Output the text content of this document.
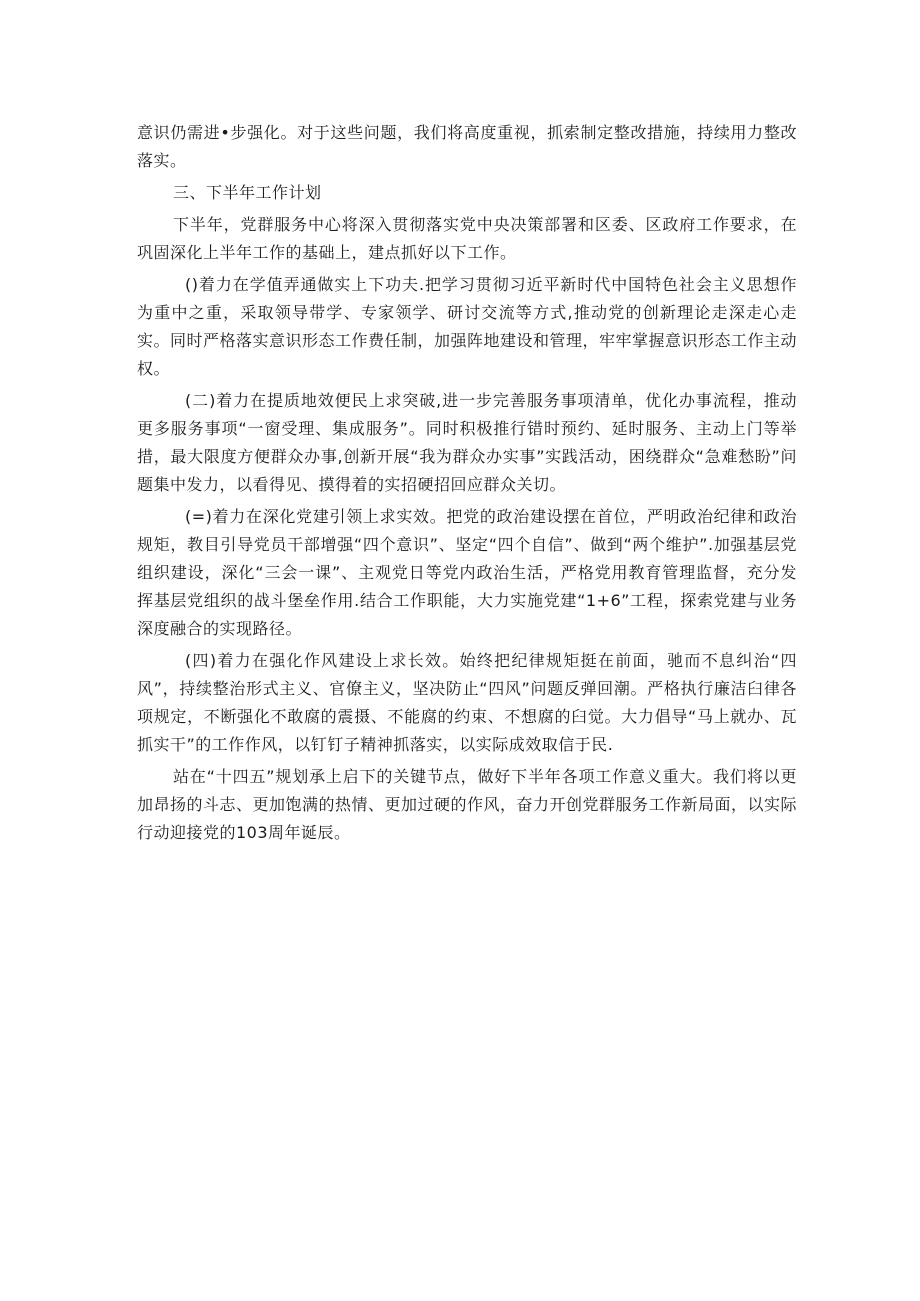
意识仍需进•步强化。对于这些问题，我们将高度重视，抓索制定整改措施，持续用力整改落实。

三、下半年工作计划

下半年，党群服务中心将深入贯彻落实党中央决策部署和区委、区政府工作要求，在巩固深化上半年工作的基础上，建点抓好以下工作。

()着力在学值弄通做实上下功夫.把学习贯彻习近平新时代中国特色社会主义思想作为重中之重，采取领导带学、专家领学、研讨交流等方式,推动党的创新理论走深走心走实。同时严格落实意识形态工作费任制，加强阵地建设和管理，牢牢掌握意识形态工作主动权。

(二)着力在提质地效便民上求突破,进一步完善服务事项清单，优化办事流程，推动更多服务事项“一窗受理、集成服务”。同时积极推行错时预约、延时服务、主动上门等举措，最大限度方便群众办事,创新开展“我为群众办实事”实践活动，困绕群众“急难愁盼”问题集中发力，以看得见、摸得着的实招硬招回应群众关切。

(=)着力在深化党建引领上求实效。把党的政治建设摆在首位，严明政治纪律和政治规矩，教目引导党员干部增强“四个意识”、坚定“四个自信”、做到“两个维护”.加强基层党组织建设，深化“三会一课”、主观党日等党内政治生活，严格党用教育管理监督，充分发挥基层党组织的战斗堡垒作用.结合工作职能，大力实施党建“1+6”工程，探索党建与业务深度融合的实现路径。

(四)着力在强化作风建设上求长效。始终把纪律规矩挺在前面，驰而不息纠治“四风”，持续整治形式主义、官僚主义，坚决防止“四风”问题反弹回潮。严格执行廉洁臼律各项规定，不断强化不敢腐的震摄、不能腐的约束、不想腐的臼觉。大力倡导“马上就办、瓦抓实干”的工作作风，以钉钉子精神抓落实，以实际成效取信于民.

站在“十四五”规划承上启下的关键节点，做好下半年各项工作意义重大。我们将以更加昂扬的斗志、更加饱满的热情、更加过硬的作风，奋力开创党群服务工作新局面，以实际行动迎接党的103周年诞辰。
